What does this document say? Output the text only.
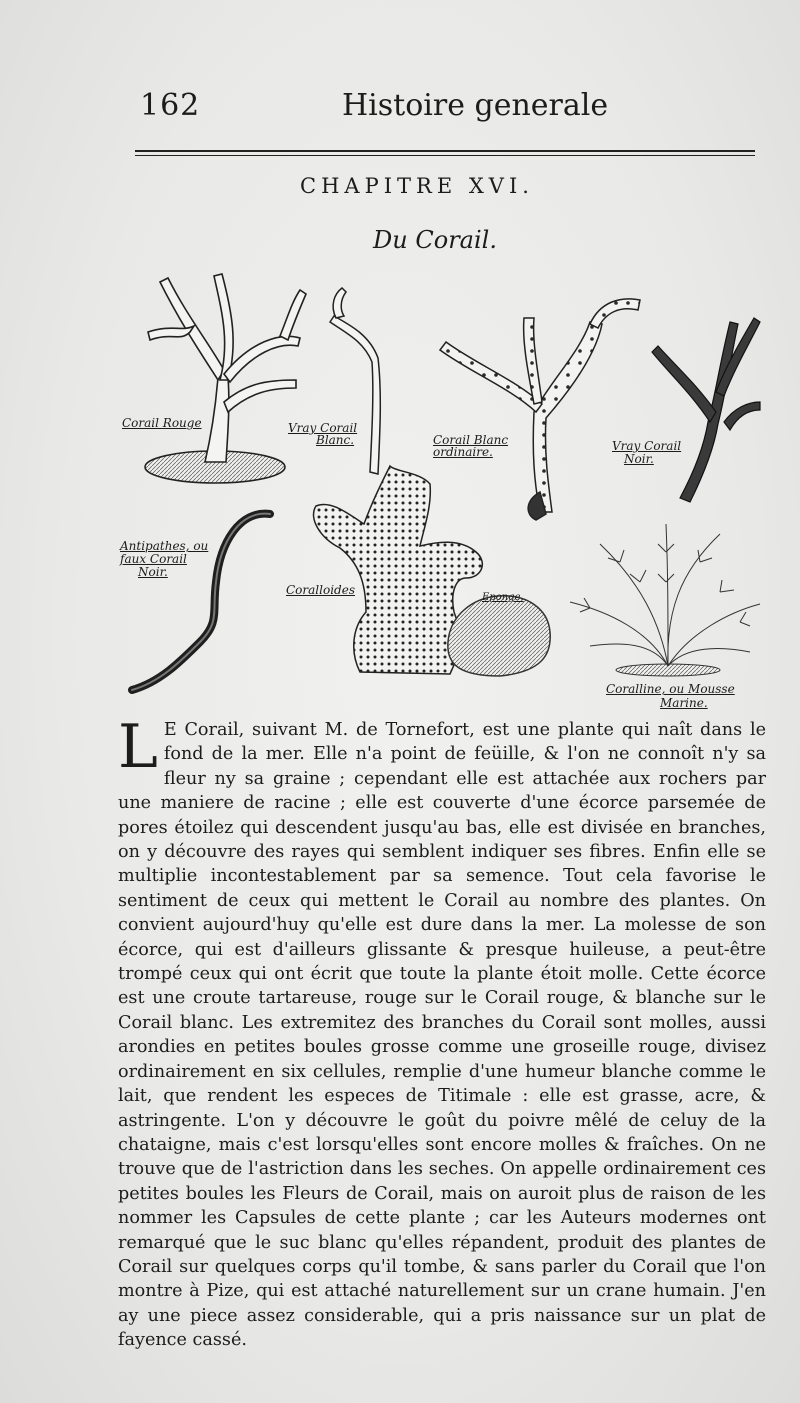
162	Histoire generale
CHAPITRE XVI.
Du Corail.
Corail Rouge	Vray Corail
Blanc.	Corail Blanc
ordinaire.	Vray Corail
Noir.
Antipathes, ou
faux Corail
Noir.
Coralloides
Eponge.
Coralline, ou Mousse
Marine.
L E Corail, suivant M. de Tornefort, est une plante qui naît dans le fond de la mer. Elle n'a point de feüille, & l'on ne connoît n'y sa fleur ny sa graine ; cependant elle est attachée aux rochers par une maniere de racine ; elle est couverte d'une écorce parsemée de pores étoilez qui descendent jusqu'au bas, elle est divisée en branches, on y découvre des rayes qui semblent indiquer ses fibres. Enfin elle se multiplie incontestablement par sa semence. Tout cela favorise le sentiment de ceux qui mettent le Corail au nombre des plantes. On convient aujourd'huy qu'elle est dure dans la mer. La molesse de son écorce, qui est d'ailleurs glissante & presque huileuse, a peut-être trompé ceux qui ont écrit que toute la plante étoit molle. Cette écorce est une croute tartareuse, rouge sur le Corail rouge, & blanche sur le Corail blanc. Les extremitez des branches du Corail sont molles, aussi arondies en petites boules grosse comme une groseille rouge, divisez ordinairement en six cellules, remplie d'une humeur blanche comme le lait, que rendent les especes de Titimale : elle est grasse, acre, & astringente. L'on y découvre le goût du poivre mêlé de celuy de la chataigne, mais c'est lorsqu'elles sont encore molles & fraîches. On ne trouve que de l'astriction dans les seches. On appelle ordinairement ces petites boules les Fleurs de Corail, mais on auroit plus de raison de les nommer les Capsules de cette plante ; car les Auteurs modernes ont remarqué que le suc blanc qu'elles répandent, produit des plantes de Corail sur quelques corps qu'il tombe, & sans parler du Corail que l'on montre à Pize, qui est attaché naturellement sur un crane humain. J'en ay une piece assez considerable, qui a pris naissance sur un plat de fayence cassé.
